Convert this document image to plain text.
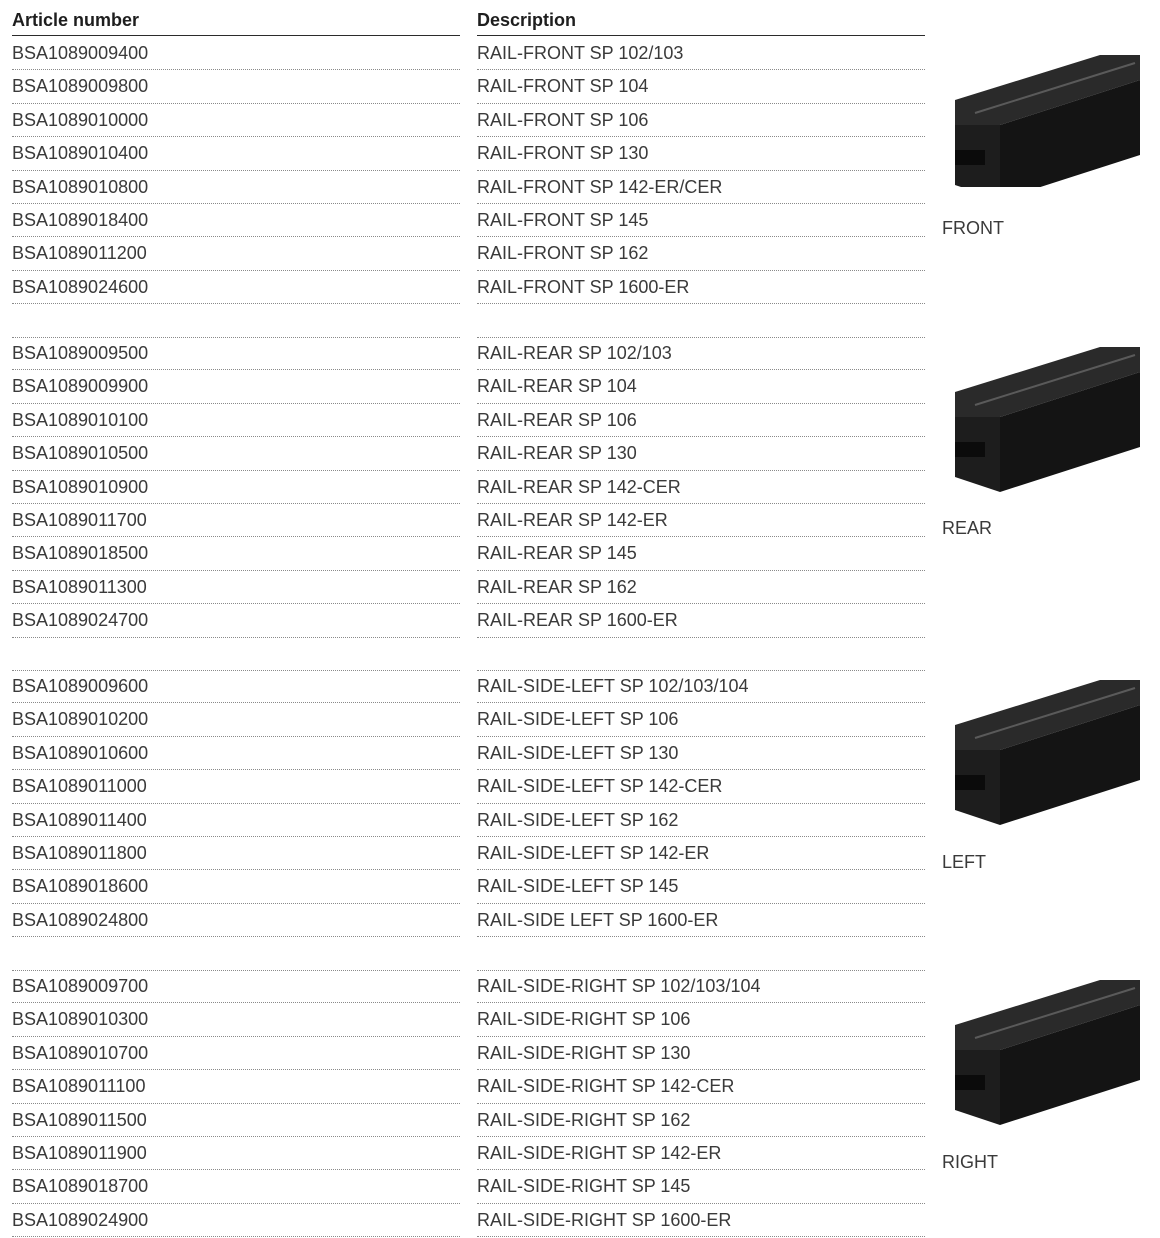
Article number	Description
BSA1089009400
BSA1089009800
BSA1089010000
BSA1089010400
BSA1089010800
BSA1089018400
BSA1089011200
BSA1089024600
RAIL-FRONT SP 102/103
RAIL-FRONT SP 104
RAIL-FRONT SP 106
RAIL-FRONT SP 130
RAIL-FRONT SP 142-ER/CER
RAIL-FRONT SP 145
RAIL-FRONT SP 162
RAIL-FRONT SP 1600-ER
BSA1089009500
BSA1089009900
BSA1089010100
BSA1089010500
BSA1089010900
BSA1089011700
BSA1089018500
BSA1089011300
BSA1089024700
RAIL-REAR SP 102/103
RAIL-REAR SP 104
RAIL-REAR SP 106
RAIL-REAR SP 130
RAIL-REAR SP 142-CER
RAIL-REAR SP 142-ER
RAIL-REAR SP 145
RAIL-REAR SP 162
RAIL-REAR SP 1600-ER
BSA1089009600
BSA1089010200
BSA1089010600
BSA1089011000
BSA1089011400
BSA1089011800
BSA1089018600
BSA1089024800
RAIL-SIDE-LEFT SP 102/103/104
RAIL-SIDE-LEFT SP 106
RAIL-SIDE-LEFT SP 130
RAIL-SIDE-LEFT SP 142-CER
RAIL-SIDE-LEFT SP 162
RAIL-SIDE-LEFT SP 142-ER
RAIL-SIDE-LEFT SP 145
RAIL-SIDE LEFT SP 1600-ER
BSA1089009700
BSA1089010300
BSA1089010700
BSA1089011100
BSA1089011500
BSA1089011900
BSA1089018700
BSA1089024900
RAIL-SIDE-RIGHT SP 102/103/104
RAIL-SIDE-RIGHT SP 106
RAIL-SIDE-RIGHT SP 130
RAIL-SIDE-RIGHT SP 142-CER
RAIL-SIDE-RIGHT SP 162
RAIL-SIDE-RIGHT SP 142-ER
RAIL-SIDE-RIGHT SP 145
RAIL-SIDE-RIGHT SP 1600-ER
FRONT
REAR
LEFT
RIGHT
